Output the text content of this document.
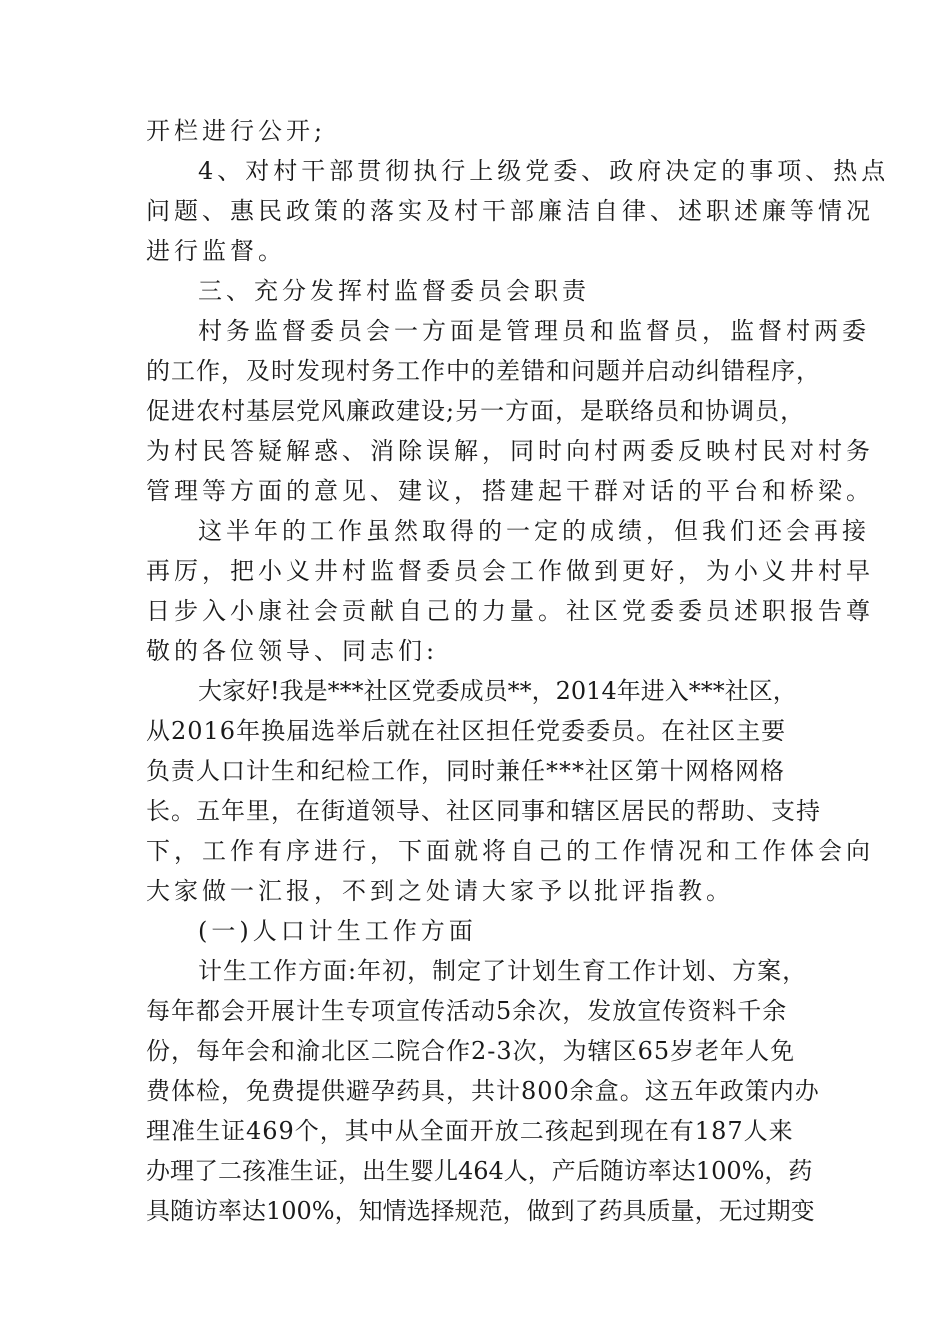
开栏进行公开;
4、对村干部贯彻执行上级党委、政府决定的事项、热点
问题、惠民政策的落实及村干部廉洁自律、述职述廉等情况
进行监督。
三、充分发挥村监督委员会职责
村务监督委员会一方面是管理员和监督员，监督村两委
的工作，及时发现村务工作中的差错和问题并启动纠错程序，
促进农村基层党风廉政建设;另一方面，是联络员和协调员，
为村民答疑解惑、消除误解，同时向村两委反映村民对村务
管理等方面的意见、建议，搭建起干群对话的平台和桥梁。
这半年的工作虽然取得的一定的成绩，但我们还会再接
再厉，把小义井村监督委员会工作做到更好，为小义井村早
日步入小康社会贡献自己的力量。社区党委委员述职报告尊
敬的各位领导、同志们:
大家好!我是***社区党委成员**，2014年进入***社区，
从2016年换届选举后就在社区担任党委委员。在社区主要
负责人口计生和纪检工作，同时兼任***社区第十网格网格
长。五年里，在街道领导、社区同事和辖区居民的帮助、支持
下，工作有序进行，下面就将自己的工作情况和工作体会向
大家做一汇报，不到之处请大家予以批评指教。
(一)人口计生工作方面
计生工作方面:年初，制定了计划生育工作计划、方案，
每年都会开展计生专项宣传活动5余次，发放宣传资料千余
份，每年会和渝北区二院合作2-3次，为辖区65岁老年人免
费体检，免费提供避孕药具，共计800余盒。这五年政策内办
理准生证469个，其中从全面开放二孩起到现在有187人来
办理了二孩准生证，出生婴儿464人，产后随访率达100%，药
具随访率达100%，知情选择规范，做到了药具质量，无过期变
